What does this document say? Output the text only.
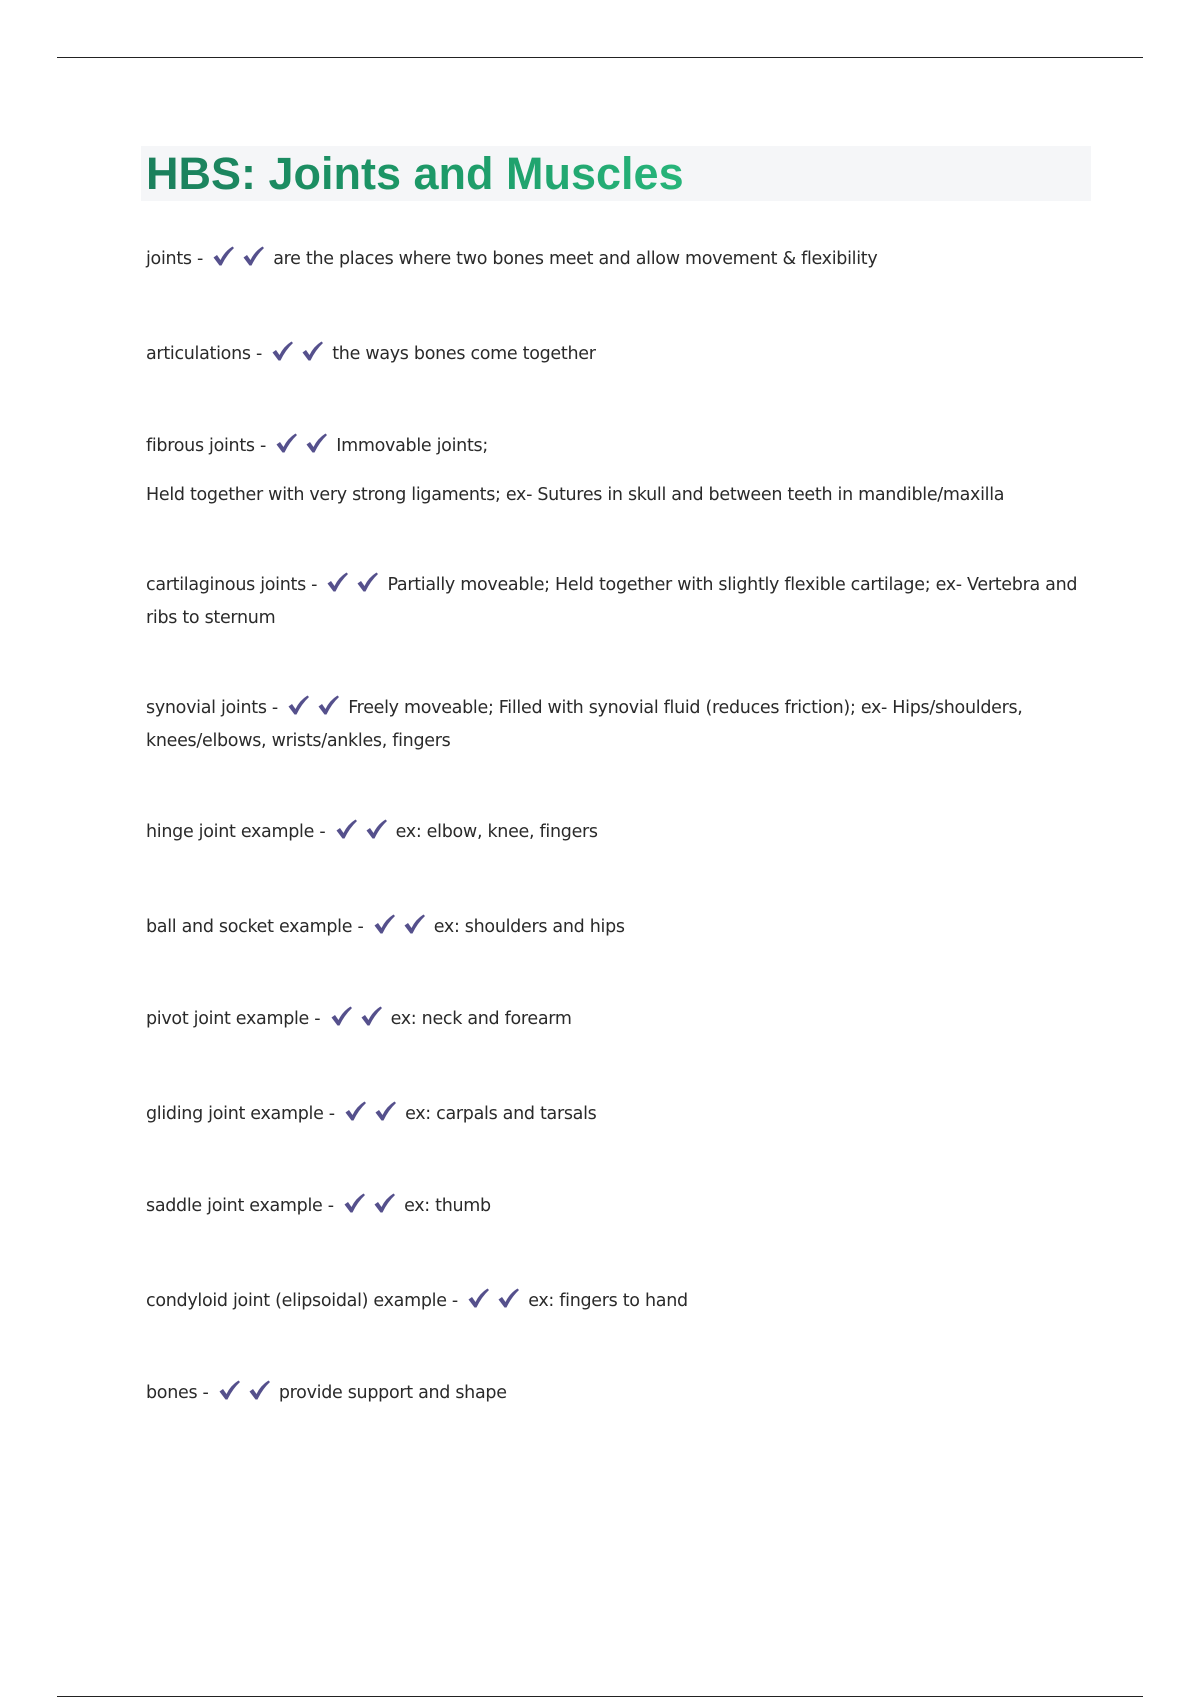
HBS: Joints and Muscles

joints -	are the places where two bones meet and allow movement & flexibility

articulations -	the ways bones come together

fibrous joints -	Immovable joints;

Held together with very strong ligaments; ex- Sutures in skull and between teeth in mandible/maxilla

cartilaginous joints -	Partially moveable; Held together with slightly flexible cartilage; ex- Vertebra and ribs to sternum

synovial joints -	Freely moveable; Filled with synovial fluid (reduces friction); ex- Hips/shoulders, knees/elbows, wrists/ankles, fingers

hinge joint example -	ex: elbow, knee, fingers

ball and socket example -	ex: shoulders and hips

pivot joint example -	ex: neck and forearm

gliding joint example -	ex: carpals and tarsals

saddle joint example -	ex: thumb

condyloid joint (elipsoidal) example -	ex: fingers to hand

bones -	provide support and shape
